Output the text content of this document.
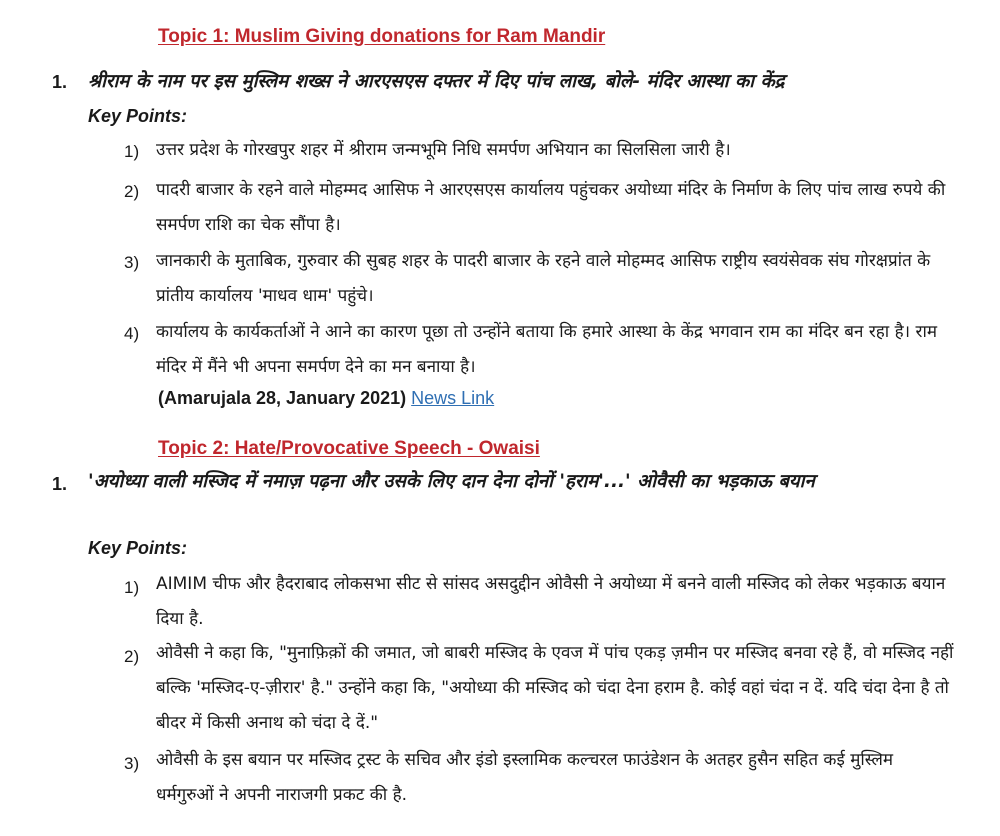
Topic 1: Muslim Giving donations for Ram Mandir
1. श्रीराम के नाम पर इस मुस्लिम शख्स ने आरएसएस दफ्तर में दिए पांच लाख, बोले- मंदिर आस्था का केंद्र
Key Points:
1) उत्तर प्रदेश के गोरखपुर शहर में श्रीराम जन्मभूमि निधि समर्पण अभियान का सिलसिला जारी है।
2) पादरी बाजार के रहने वाले मोहम्मद आसिफ ने आरएसएस कार्यालय पहुंचकर अयोध्या मंदिर के निर्माण के लिए पांच लाख रुपये की समर्पण राशि का चेक सौंपा है।
3) जानकारी के मुताबिक, गुरुवार की सुबह शहर के पादरी बाजार के रहने वाले मोहम्मद आसिफ राष्ट्रीय स्वयंसेवक संघ गोरक्षप्रांत के प्रांतीय कार्यालय 'माधव धाम' पहुंचे।
4) कार्यालय के कार्यकर्ताओं ने आने का कारण पूछा तो उन्होंने बताया कि हमारे आस्था के केंद्र भगवान राम का मंदिर बन रहा है। राम मंदिर में मैंने भी अपना समर्पण देने का मन बनाया है।
(Amarujala 28, January 2021) News Link
Topic 2: Hate/Provocative Speech - Owaisi
1. 'अयोध्या वाली मस्जिद में नमाज़ पढ़ना और उसके लिए दान देना दोनों 'हराम'...' ओवैसी का भड़काऊ बयान
Key Points:
1) AIMIM चीफ और हैदराबाद लोकसभा सीट से सांसद असदुद्दीन ओवैसी ने अयोध्या में बनने वाली मस्जिद को लेकर भड़काऊ बयान दिया है.
2) ओवैसी ने कहा कि, "मुनाफ़िक़ों की जमात, जो बाबरी मस्जिद के एवज में पांच एकड़ ज़मीन पर मस्जिद बनवा रहे हैं, वो मस्जिद नहीं बल्कि 'मस्जिद-ए-ज़ीरार' है." उन्होंने कहा कि, "अयोध्या की मस्जिद को चंदा देना हराम है. कोई वहां चंदा न दें. यदि चंदा देना है तो बीदर में किसी अनाथ को चंदा दे दें."
3) ओवैसी के इस बयान पर मस्जिद ट्रस्ट के सचिव और इंडो इस्लामिक कल्चरल फाउंडेशन के अतहर हुसैन सहित कई मुस्लिम धर्मगुरुओं ने अपनी नाराजगी प्रकट की है.
